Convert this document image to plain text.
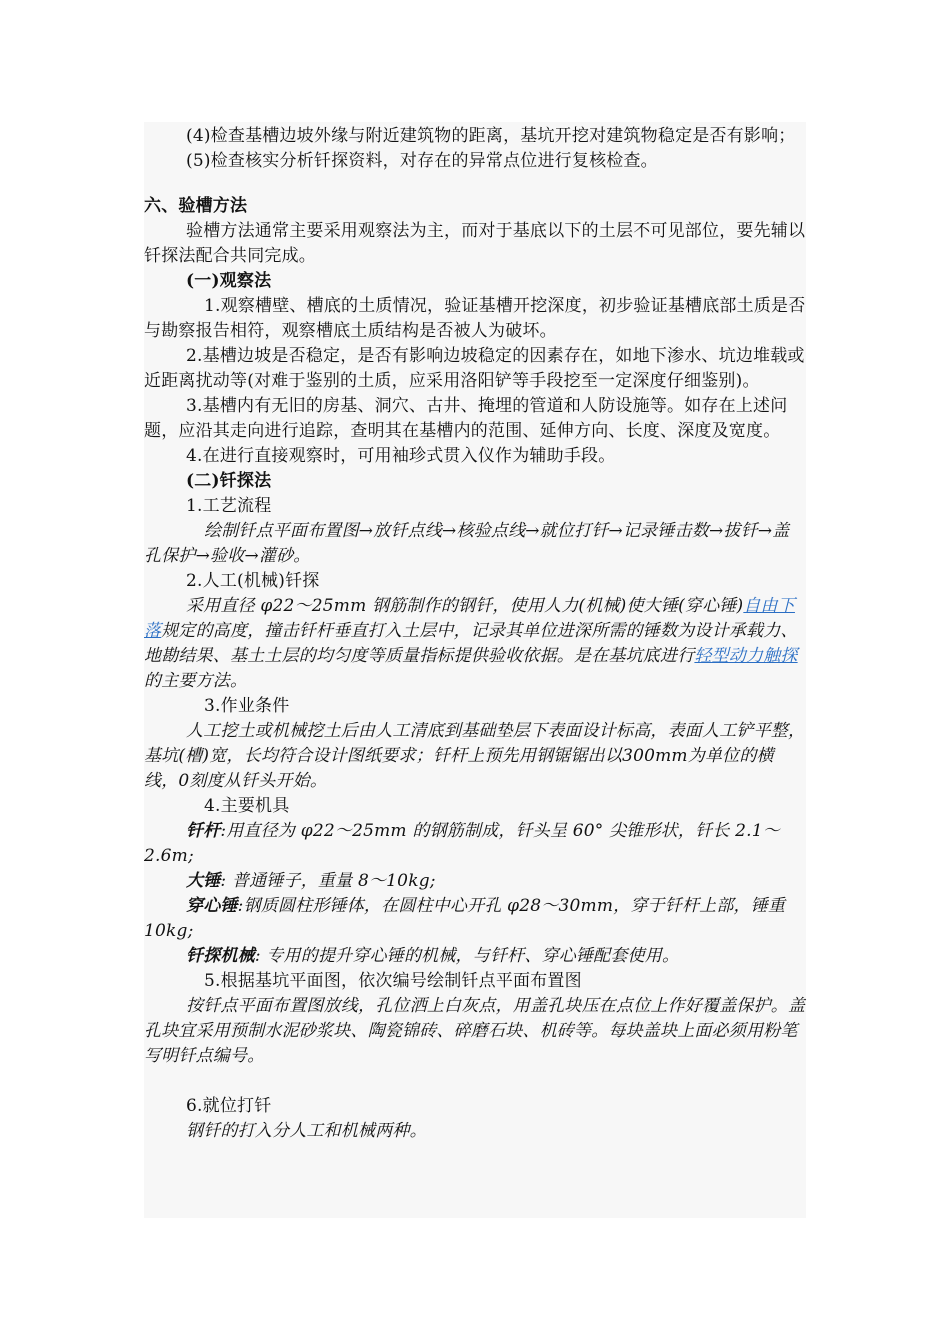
(4)检查基槽边坡外缘与附近建筑物的距离，基坑开挖对建筑物稳定是否有影响；

(5)检查核实分析钎探资料，对存在的异常点位进行复核检查。

六、验槽方法

验槽方法通常主要采用观察法为主，而对于基底以下的土层不可见部位，要先辅以钎探法配合共同完成。

(一)观察法

1.观察槽壁、槽底的土质情况，验证基槽开挖深度，初步验证基槽底部土质是否与勘察报告相符，观察槽底土质结构是否被人为破坏。

2.基槽边坡是否稳定，是否有影响边坡稳定的因素存在，如地下渗水、坑边堆载或近距离扰动等(对难于鉴别的土质，应采用洛阳铲等手段挖至一定深度仔细鉴别)。

3.基槽内有无旧的房基、洞穴、古井、掩埋的管道和人防设施等。如存在上述问题，应沿其走向进行追踪，查明其在基槽内的范围、延伸方向、长度、深度及宽度。

4.在进行直接观察时，可用袖珍式贯入仪作为辅助手段。

(二)钎探法

1.工艺流程

绘制钎点平面布置图→放钎点线→核验点线→就位打钎→记录锤击数→拔钎→盖孔保护→验收→灌砂。

2.人工(机械)钎探

采用直径 φ22～25mm 钢筋制作的钢钎，使用人力(机械)使大锤(穿心锤)自由下落规定的高度，撞击钎杆垂直打入土层中，记录其单位进深所需的锤数为设计承载力、地勘结果、基土土层的均匀度等质量指标提供验收依据。是在基坑底进行轻型动力触探的主要方法。

3.作业条件

人工挖土或机械挖土后由人工清底到基础垫层下表面设计标高，表面人工铲平整，基坑(槽)宽，长均符合设计图纸要求；钎杆上预先用钢锯锯出以300mm为单位的横线，0刻度从钎头开始。

4.主要机具

钎杆:用直径为 φ22～25mm 的钢筋制成，钎头呈 60° 尖锥形状，钎长 2.1～2.6m;

大锤: 普通锤子，重量 8～10kg;

穿心锤:钢质圆柱形锤体，在圆柱中心开孔 φ28～30mm，穿于钎杆上部，锤重 10kg;

钎探机械: 专用的提升穿心锤的机械，与钎杆、穿心锤配套使用。

5.根据基坑平面图，依次编号绘制钎点平面布置图

按钎点平面布置图放线，孔位洒上白灰点，用盖孔块压在点位上作好覆盖保护。盖孔块宜采用预制水泥砂浆块、陶瓷锦砖、碎磨石块、机砖等。每块盖块上面必须用粉笔写明钎点编号。

6.就位打钎

钢钎的打入分人工和机械两种。
